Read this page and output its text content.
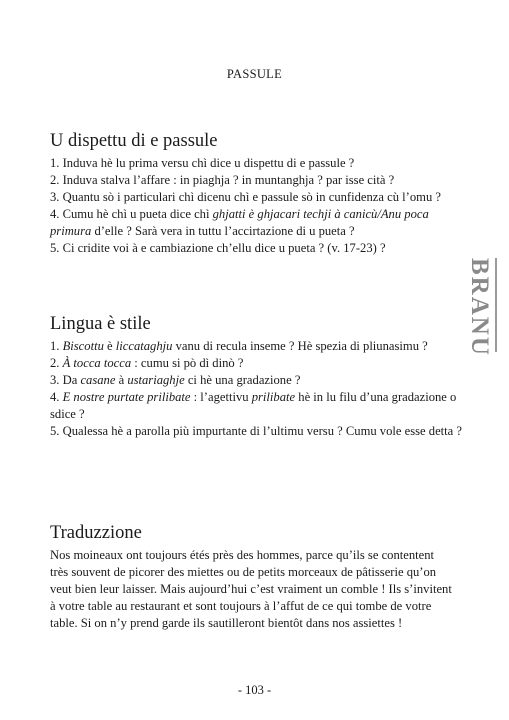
PASSULE
U dispettu di e passule

1. Induva hè lu prima versu chì dice u dispettu di e passule ?

2. Induva stalva l’affare : in piaghja ? in muntanghja ? par isse cità ?

3. Quantu sò i particulari chì dicenu chì e passule sò in cunfidenza cù l’omu ?

4. Cumu hè chì u pueta dice chì ghjatti è ghjacari techji à canicù/Anu poca primura d’elle ? Sarà vera in tuttu l’accirtazione di u pueta ?

5. Ci cridite voi à e cambiazione ch’ellu dice u pueta ? (v. 17-23) ?

Lingua è stile

1. Biscottu è liccataghju vanu di recula inseme ? Hè spezia di pliunasimu ?

2. À tocca tocca : cumu si pò dì dinò ?

3. Da casane à ustariaghje ci hè una gradazione ?

4. E nostre purtate prilibate : l’agettivu prilibate hè in lu filu d’una gradazione o sdice ?

5. Qualessa hè a parolla più impurtante di l’ultimu versu ? Cumu vole esse detta ?

Traduzzione

Nos moineaux ont toujours étés près des hommes, parce qu’ils se contentent très souvent de picorer des miettes ou de petits morceaux de pâtisserie qu’on veut bien leur laisser. Mais aujourd’hui c’est vraiment un comble ! Ils s’invitent à votre table au restaurant et sont toujours à l’affut de ce qui tombe de votre table. Si on n’y prend garde ils sautilleront bientôt dans nos assiettes !

BRANU
- 103 -
